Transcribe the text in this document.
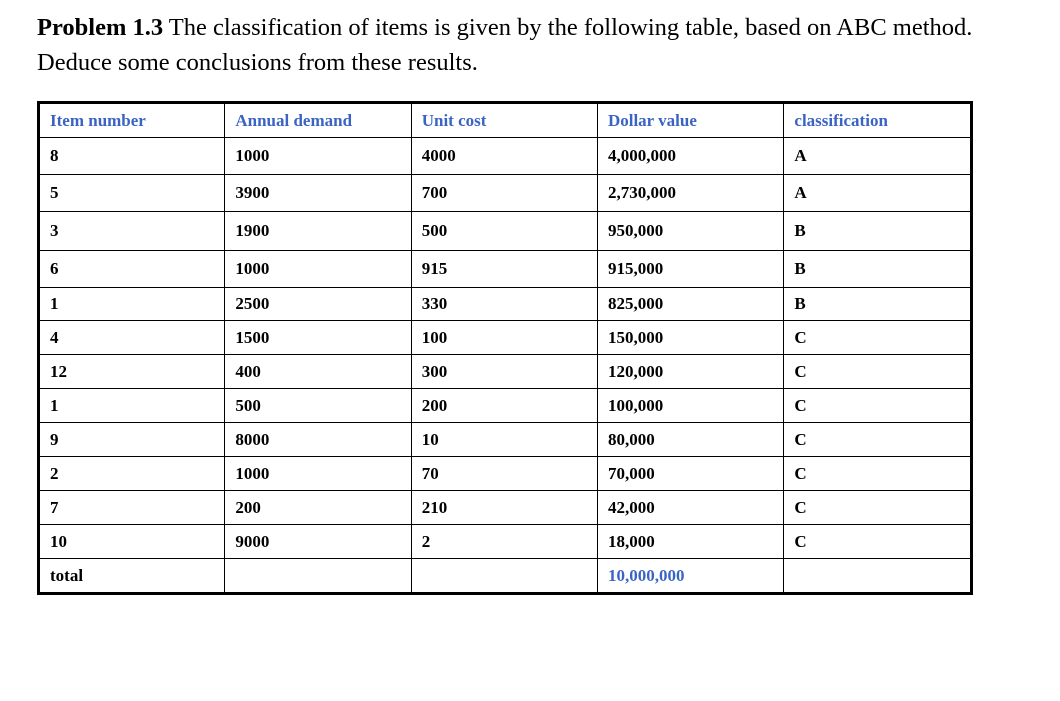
Problem 1.3 The classification of items is given by the following table, based on ABC method. Deduce some conclusions from these results.
Item number	Annual demand	Unit cost	Dollar value	classification
8	1000	4000	4,000,000	A
5	3900	700	2,730,000	A
3	1900	500	950,000	B
6	1000	915	915,000	B
1	2500	330	825,000	B
4	1500	100	150,000	C
12	400	300	120,000	C
1	500	200	100,000	C
9	8000	10	80,000	C
2	1000	70	70,000	C
7	200	210	42,000	C
10	9000	2	18,000	C
total			10,000,000	
